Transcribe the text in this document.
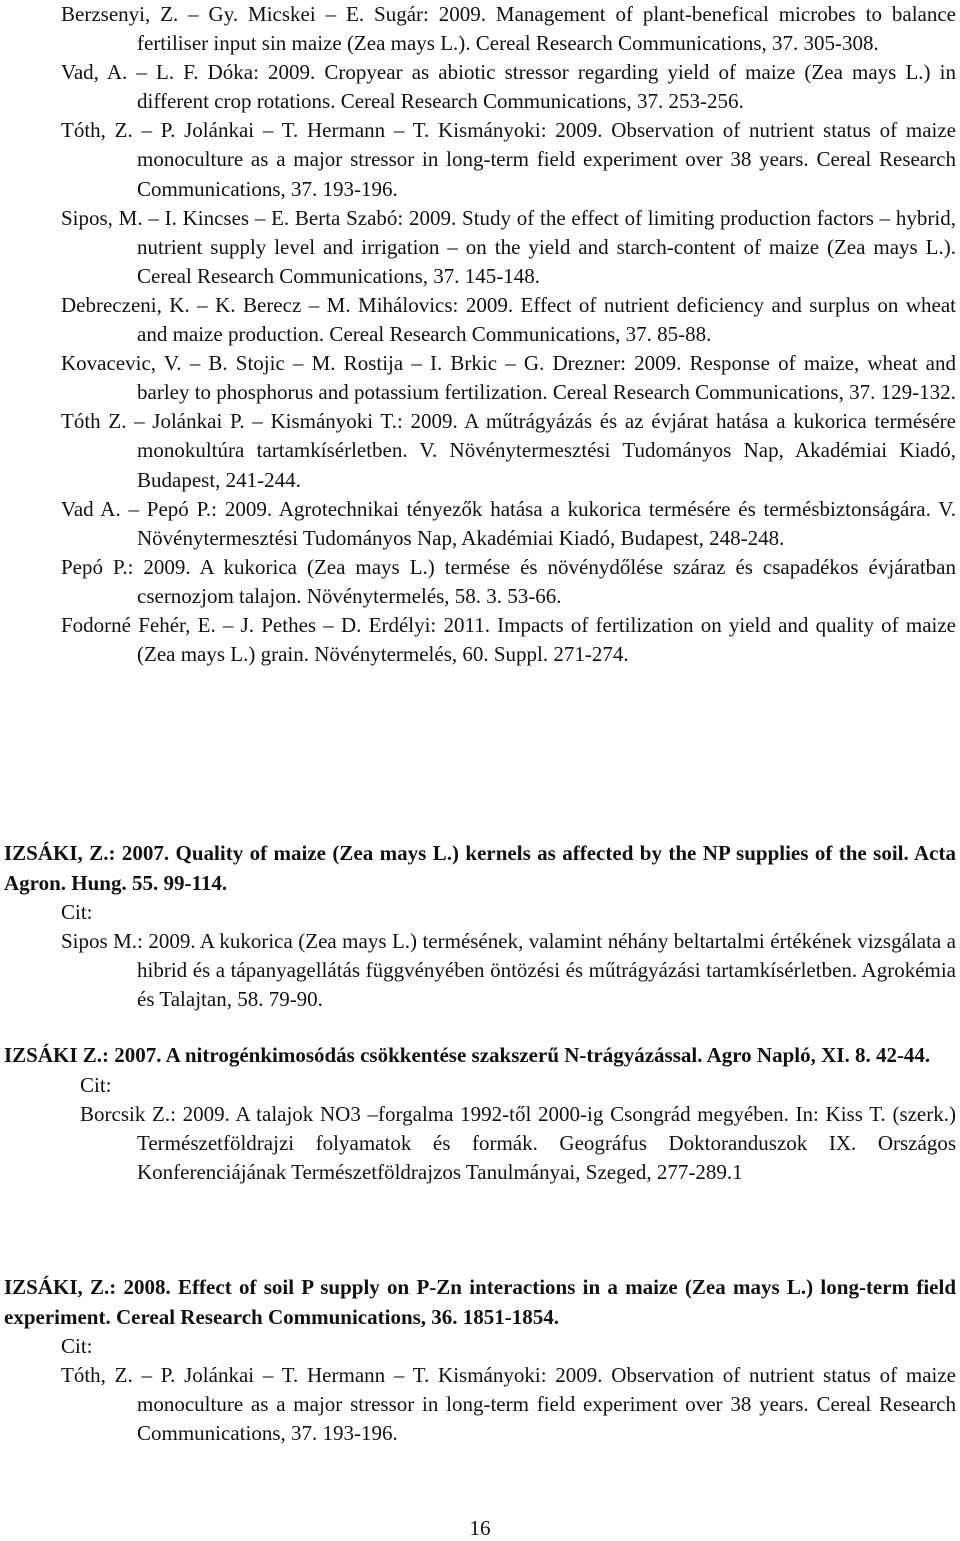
Berzsenyi, Z. – Gy. Micskei – E. Sugár: 2009. Management of plant-benefical microbes to balance fertiliser input sin maize (Zea mays L.). Cereal Research Communications, 37. 305-308.

Vad, A. – L. F. Dóka: 2009. Cropyear as abiotic stressor regarding yield of maize (Zea mays L.) in different crop rotations. Cereal Research Communications, 37. 253-256.

Tóth, Z. – P. Jolánkai – T. Hermann – T. Kismányoki: 2009. Observation of nutrient status of maize monoculture as a major stressor in long-term field experiment over 38 years. Cereal Research Communications, 37. 193-196.

Sipos, M. – I. Kincses – E. Berta Szabó: 2009. Study of the effect of limiting production factors – hybrid, nutrient supply level and irrigation – on the yield and starch-content of maize (Zea mays L.). Cereal Research Communications, 37. 145-148.

Debreczeni, K. – K. Berecz – M. Mihálovics: 2009. Effect of nutrient deficiency and surplus on wheat and maize production. Cereal Research Communications, 37. 85-88.

Kovacevic, V. – B. Stojic – M. Rostija – I. Brkic – G. Drezner: 2009. Response of maize, wheat and barley to phosphorus and potassium fertilization. Cereal Research Communications, 37. 129-132.

Tóth Z. – Jolánkai P. – Kismányoki T.: 2009. A műtrágyázás és az évjárat hatása a kukorica termésére monokultúra tartamkísérletben. V. Növénytermesztési Tudományos Nap, Akadémiai Kiadó, Budapest, 241-244.

Vad A. – Pepó P.: 2009. Agrotechnikai tényezők hatása a kukorica termésére és termésbiztonságára. V. Növénytermesztési Tudományos Nap, Akadémiai Kiadó, Budapest, 248-248.

Pepó P.: 2009. A kukorica (Zea mays L.) termése és növénydőlése száraz és csapadékos évjáratban csernozjom talajon. Növénytermelés, 58. 3. 53-66.

Fodorné Fehér, E. – J. Pethes – D. Erdélyi: 2011. Impacts of fertilization on yield and quality of maize (Zea mays L.) grain. Növénytermelés, 60. Suppl. 271-274.

IZSÁKI, Z.: 2007. Quality of maize (Zea mays L.) kernels as affected by the NP supplies of the soil. Acta Agron. Hung. 55. 99-114.

Cit:

Sipos M.: 2009. A kukorica (Zea mays L.) termésének, valamint néhány beltartalmi értékének vizsgálata a hibrid és a tápanyagellátás függvényében öntözési és műtrágyázási tartamkísérletben. Agrokémia és Talajtan, 58. 79-90.

IZSÁKI Z.: 2007. A nitrogénkimosódás csökkentése szakszerű N-trágyázással. Agro Napló, XI. 8. 42-44.

Cit:

Borcsik Z.: 2009. A talajok NO3 –forgalma 1992-től 2000-ig Csongrád megyében. In: Kiss T. (szerk.) Természetföldrajzi folyamatok és formák. Geográfus Doktoranduszok IX. Országos Konferenciájának Természetföldrajzos Tanulmányai, Szeged, 277-289.1

IZSÁKI, Z.: 2008. Effect of soil P supply on P-Zn interactions in a maize (Zea mays L.) long-term field experiment. Cereal Research Communications, 36. 1851-1854.

Cit:

Tóth, Z. – P. Jolánkai – T. Hermann – T. Kismányoki: 2009. Observation of nutrient status of maize monoculture as a major stressor in long-term field experiment over 38 years. Cereal Research Communications, 37. 193-196.

16
